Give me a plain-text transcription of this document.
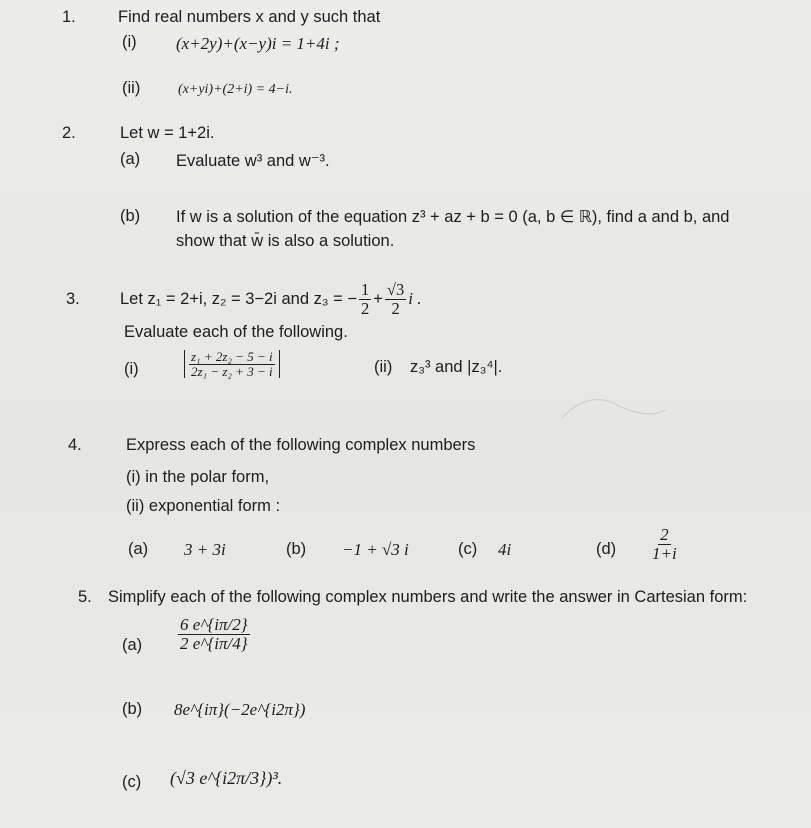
1.	Find real numbers x and y such that
(i) (x+2y)+(x−y)i = 1+4i ;
(ii)	(x+yi)+(2+i) = 4−i.
2.	Let w = 1+2i.
(a) Evaluate w³ and w⁻³.
(b) If w is a solution of the equation z³ + az + b = 0 (a, b ∈ ℝ), find a and b, and
show that w̄ is also a solution.
3. Let z₁ = 2+i, z₂ = 3−2i and z₃ = − $\frac{1}{2} + \frac{√3}{2}$ i .
Evaluate each of the following.
(i)	$\frac{\text{z₁ + 2z₂ − 5 − i}}{\text{2z₁ − z₂ + 3 − i}}$	(ii) z₃³ and |z₃⁴|.
4.	Express each of the following complex numbers
(i) in the polar form,
(ii) exponential form :
(a) 3 + 3i	(b) −1 + √3 i	(c) 4i	$(d) \frac{2}{1+i}$
5. Simplify each of the following complex numbers and write the answer in Cartesian form:
$(a) \frac{6 e\^{}\{i\pi/2\}}{2 e\^{}\{i\pi/4\}}$
(b) 8e^{iπ}(−2e^{i2π})
(c) (√3 e^{i2π/3})³.
